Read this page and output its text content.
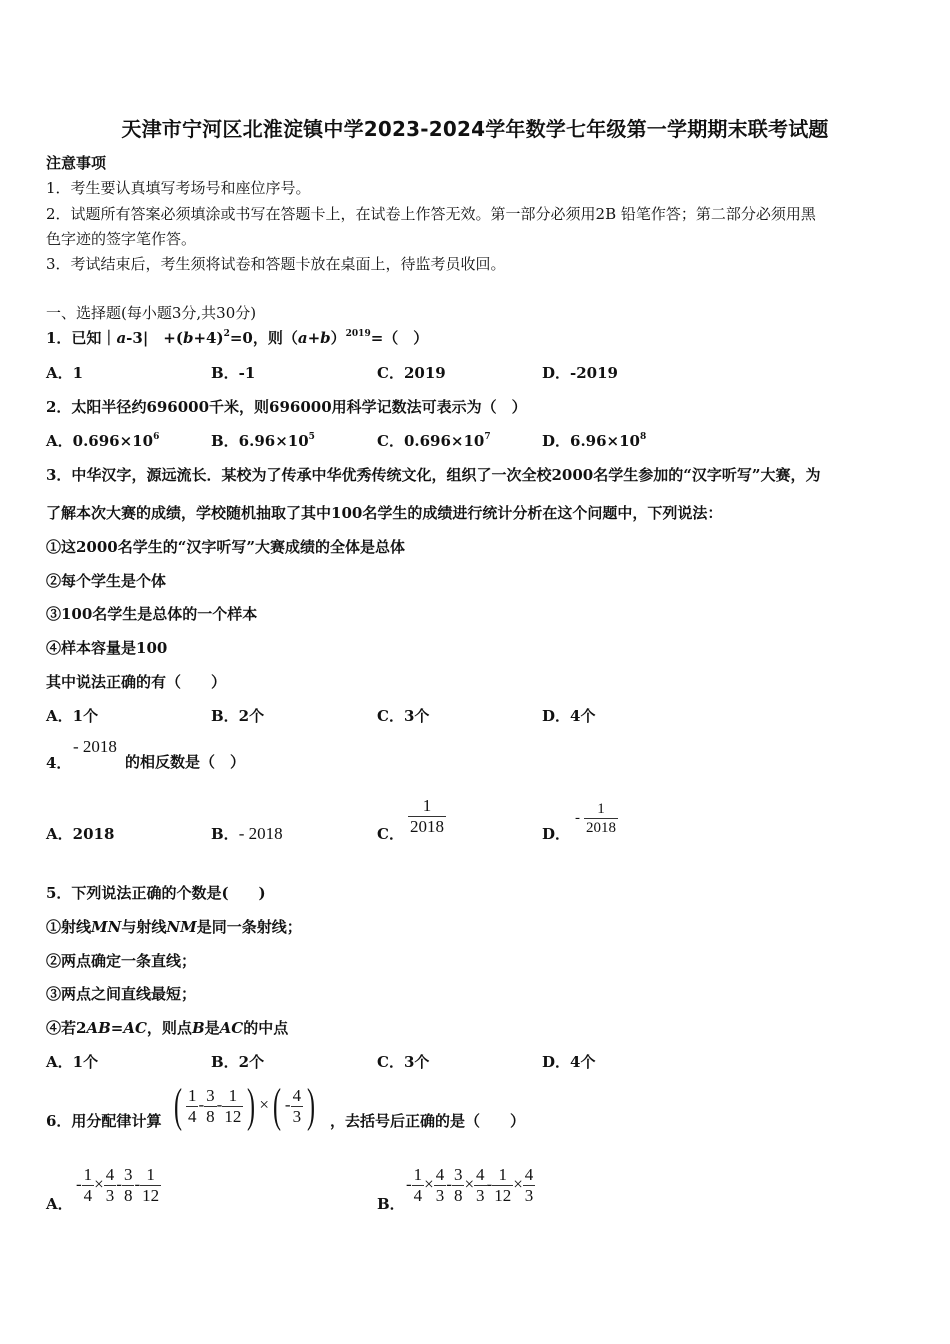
天津市宁河区北淮淀镇中学2023-2024学年数学七年级第一学期期末联考试题
注意事项
1．考生要认真填写考场号和座位序号。
2．试题所有答案必须填涂或书写在答题卡上，在试卷上作答无效。第一部分必须用2B 铅笔作答；第二部分必须用黑
色字迹的签字笔作答。
3．考试结束后，考生须将试卷和答题卡放在桌面上，待监考员收回。
一、选择题(每小题3分,共30分)
1．已知｜a-3|　$+(b+4)^2=0$，则$(a+b)^{2019}=$（　）
A．1	B．-1	C．2019	D．-2019
2．太阳半径约696000千米，则696000用科学记数法可表示为（　）
A．$0.696\times 10^6$	B．$6.96\times 10^5$	C．$0.696\times 10^7$	D．$6.96\times 10^8$
3．中华汉字，源远流长．某校为了传承中华优秀传统文化，组织了一次全校2000名学生参加的“汉字听写”大赛，为
了解本次大赛的成绩，学校随机抽取了其中100名学生的成绩进行统计分析在这个问题中，下列说法：
①这2000名学生的“汉字听写”大赛成绩的全体是总体
②每个学生是个体
③100名学生是总体的一个样本
④样本容量是100
其中说法正确的有（　　）
A．1个	B．2个	C．3个	D．4个
4．
- 2018
的相反数是（　）
A．2018	B．- 2018	C． $\frac{1}{2018}$	D．
- $\frac{1}{2018}$
5．下列说法正确的个数是(　　)
①射线MN与射线NM是同一条射线；
②两点确定一条直线；
③两点之间直线最短；
④若2AB=AC，则点B是AC的中点
A．1个	B．2个	C．3个	D．4个
6．用分配律计算 ( $\frac{1}{4} - \frac{3}{8} - \frac{1}{12}$ ) ×( - $\frac{4}{3}$ ) ，去括号后正确的是（　　）
A．
- $\frac{1}{4} \times \frac{4}{3} - \frac{3}{8} - \frac{1}{12}$	B．
- $\frac{1}{4} \times \frac{4}{3} - \frac{3}{8} \times \frac{4}{3} - \frac{1}{12} \times \frac{4}{3}$
